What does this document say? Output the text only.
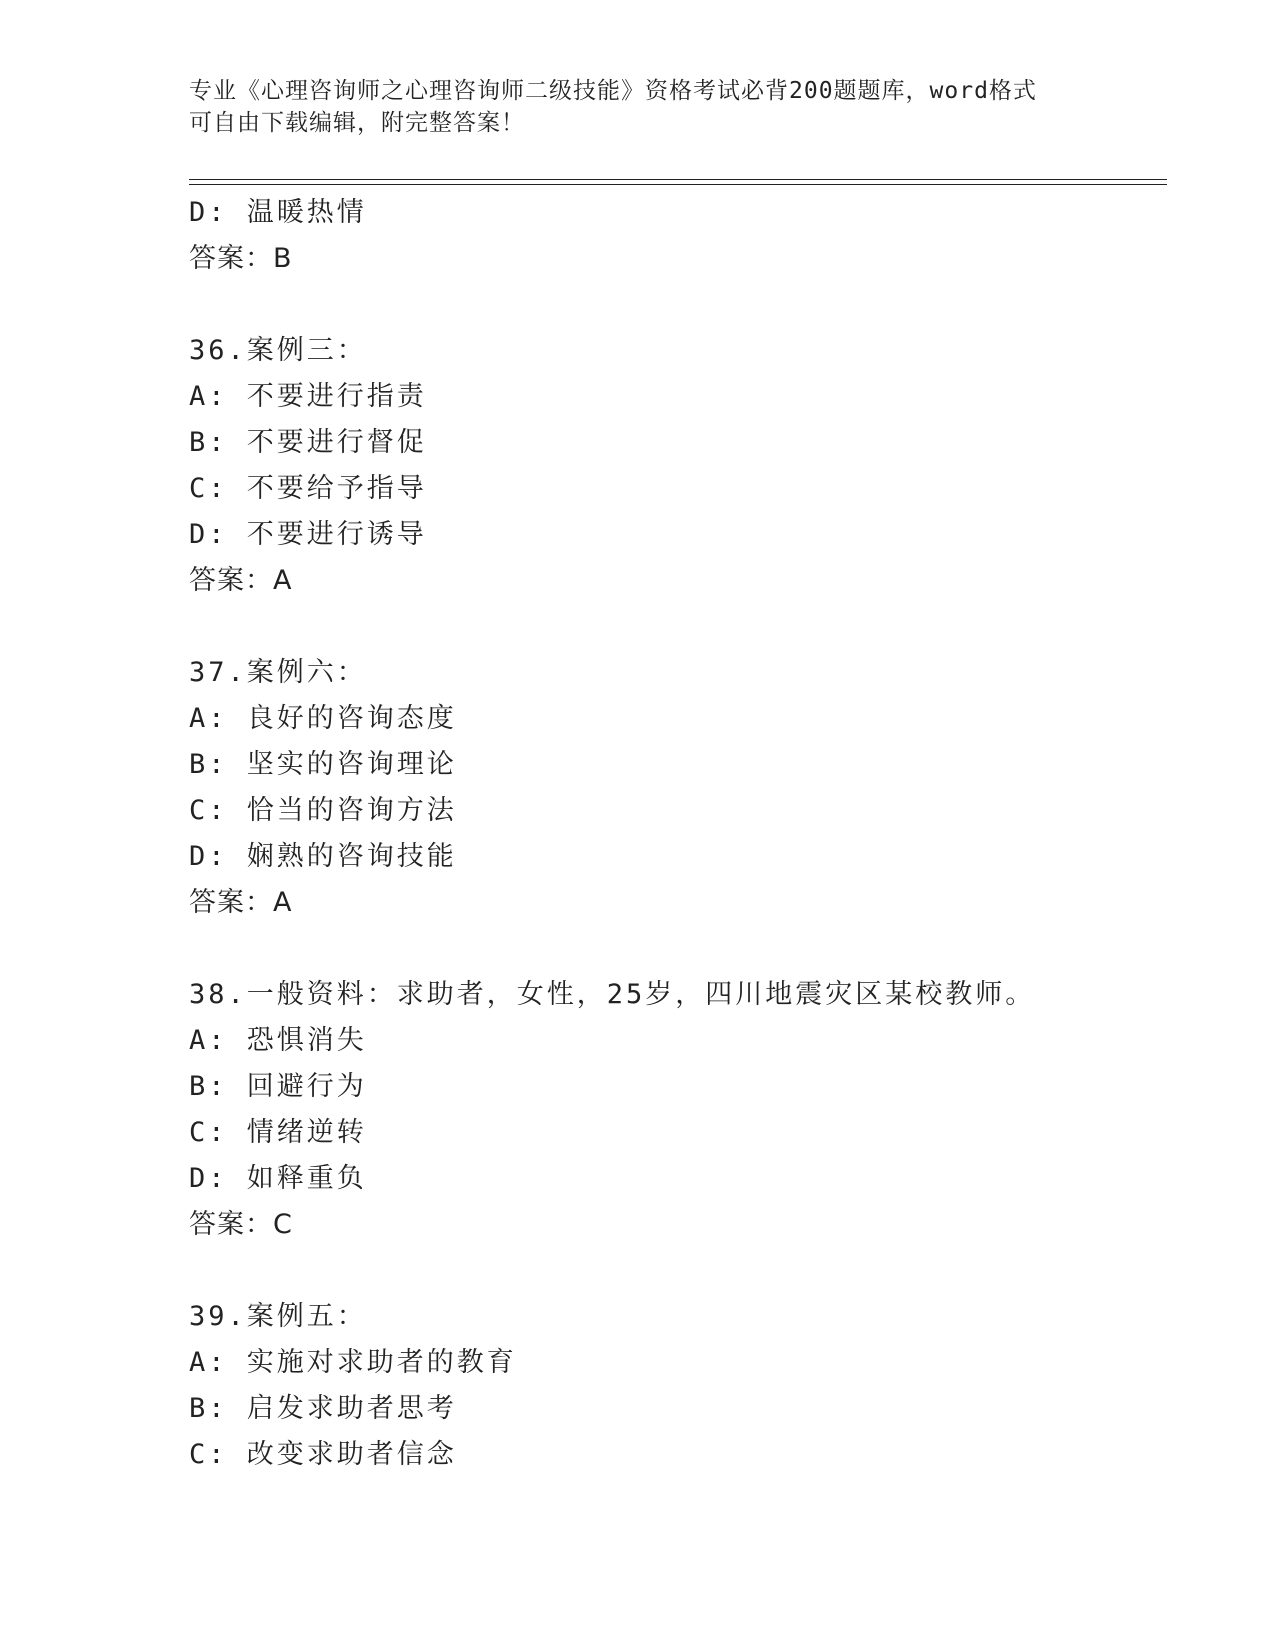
专业《心理咨询师之心理咨询师二级技能》资格考试必背200题题库，word格式
可自由下载编辑，附完整答案！
D: 温暖热情
答案：B
36.案例三：
A: 不要进行指责
B: 不要进行督促
C: 不要给予指导
D: 不要进行诱导
答案：A
37.案例六：
A: 良好的咨询态度
B: 坚实的咨询理论
C: 恰当的咨询方法
D: 娴熟的咨询技能
答案：A
38.一般资料：求助者，女性，25岁，四川地震灾区某校教师。
A: 恐惧消失
B: 回避行为
C: 情绪逆转
D: 如释重负
答案：C
39.案例五：
A: 实施对求助者的教育
B: 启发求助者思考
C: 改变求助者信念
